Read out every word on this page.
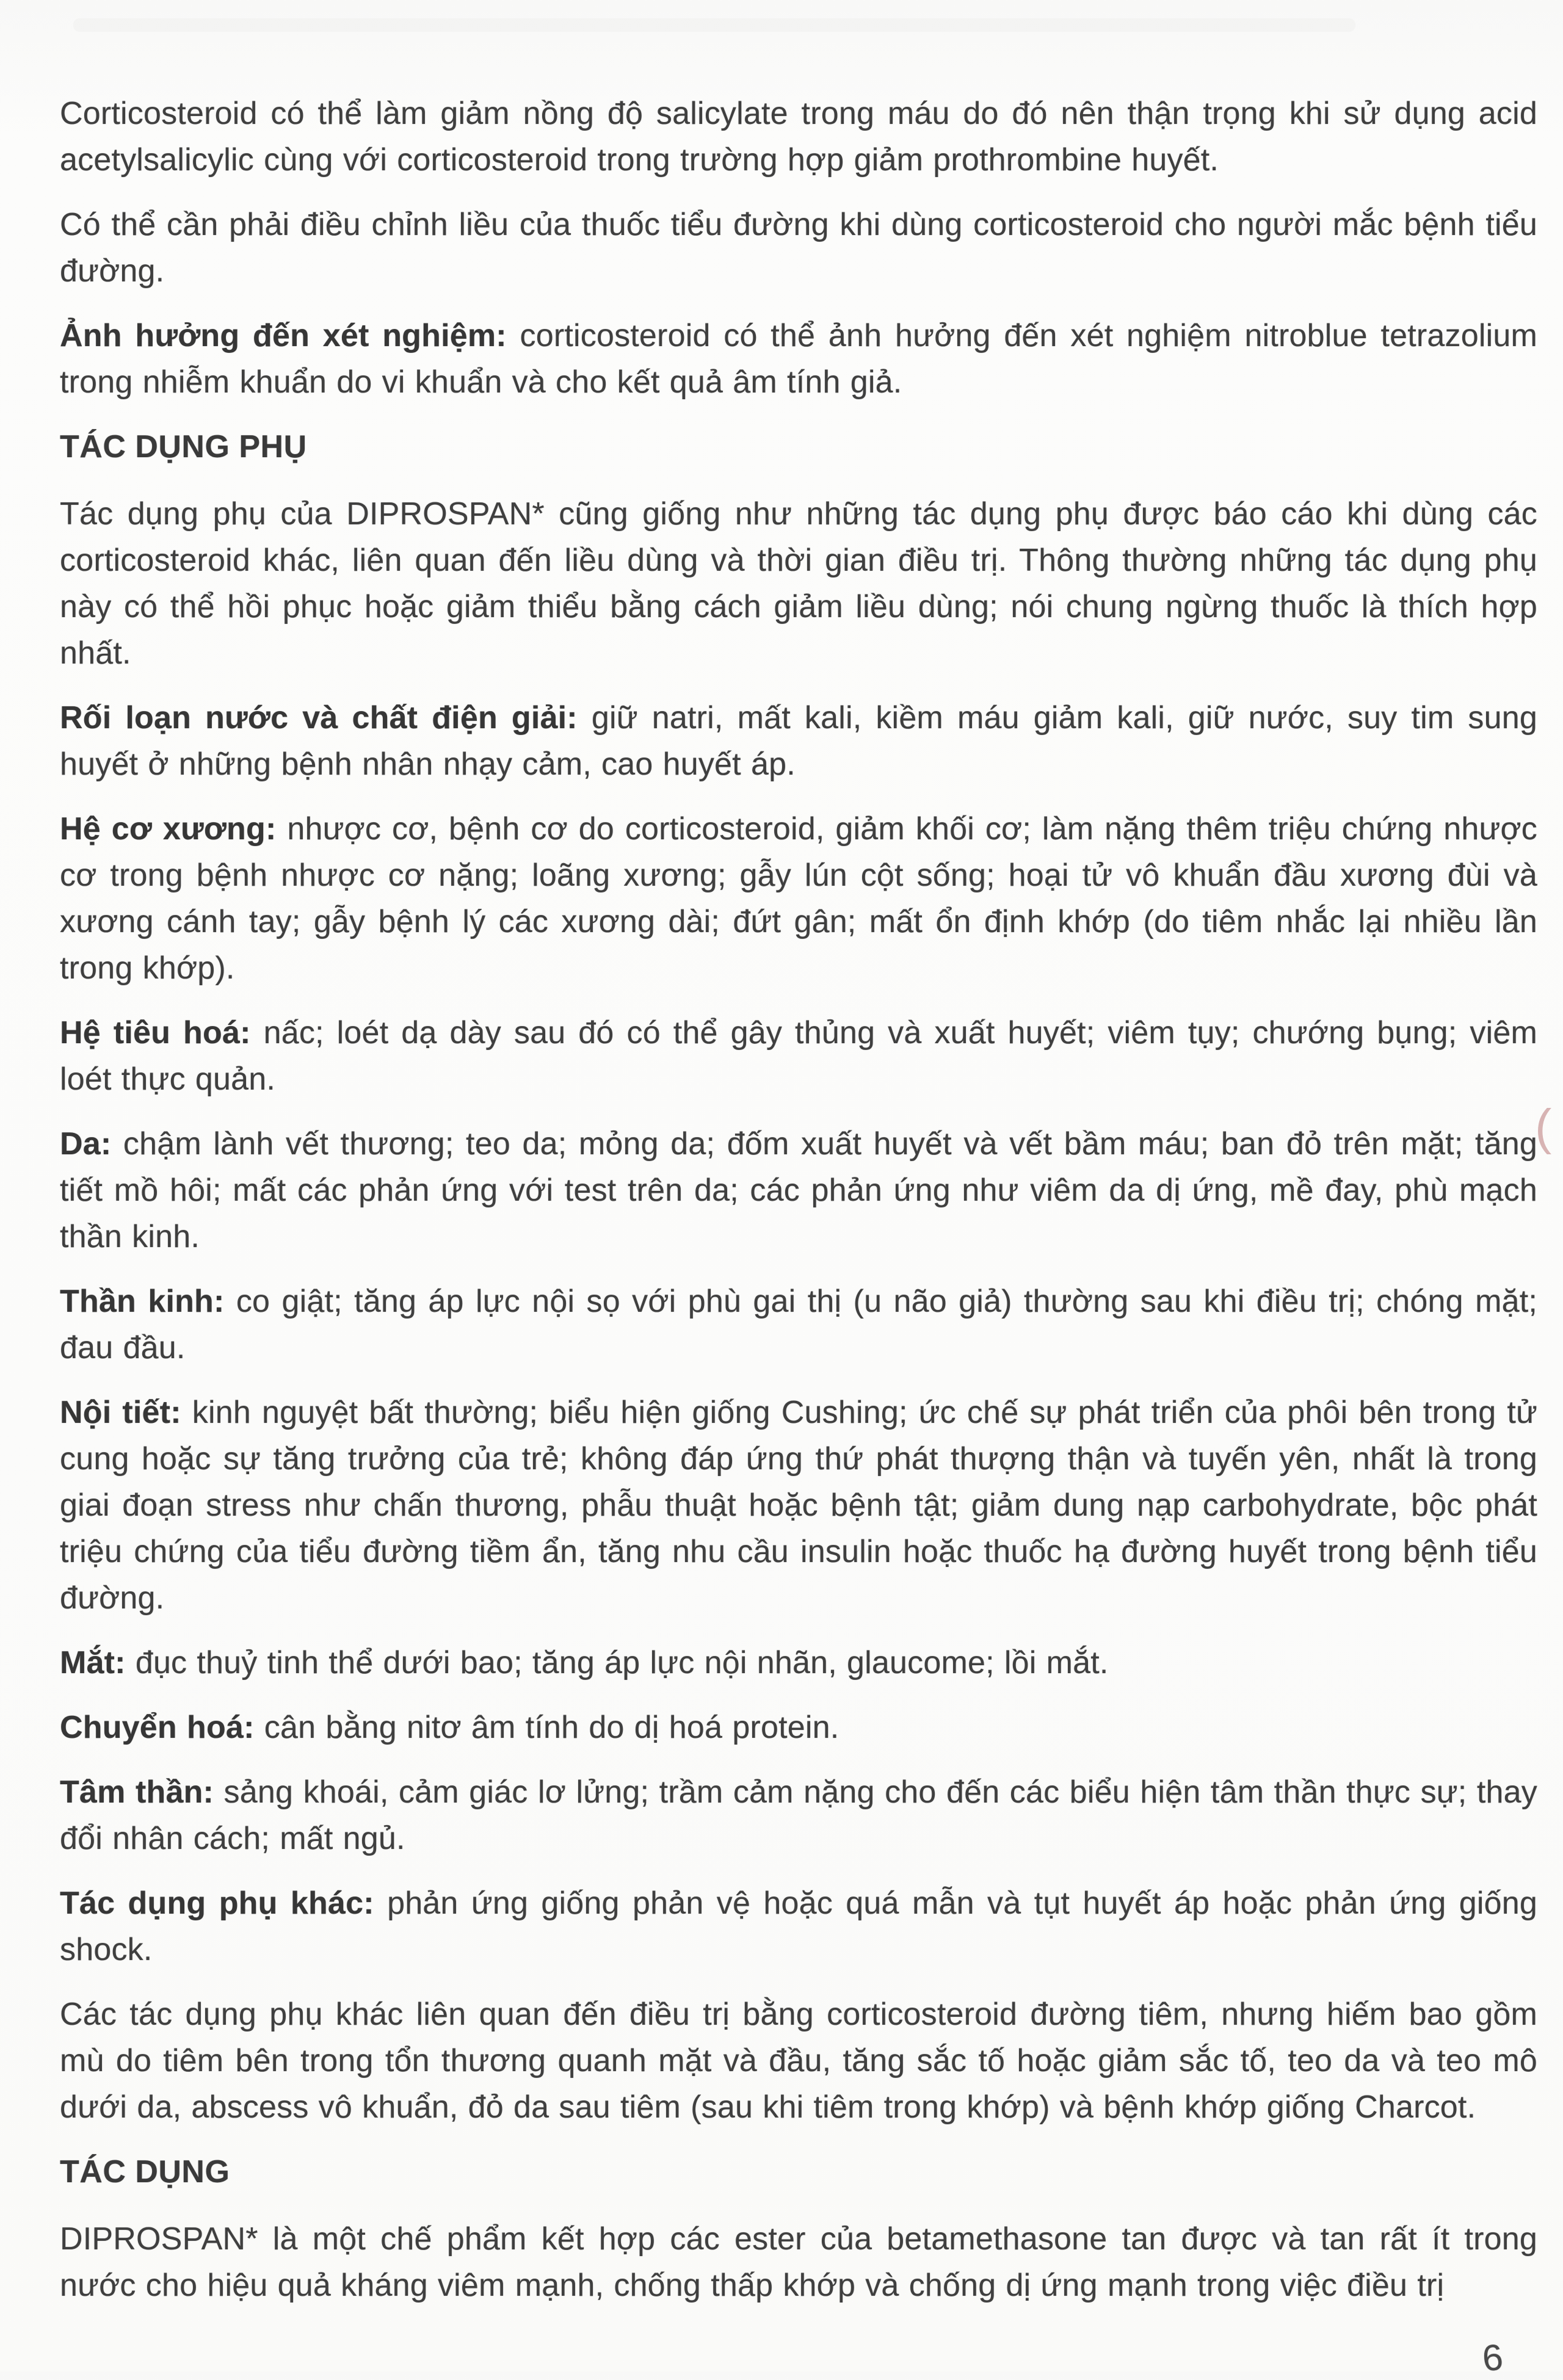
Corticosteroid có thể làm giảm nồng độ salicylate trong máu do đó nên thận trọng khi sử dụng acid acetylsalicylic cùng với corticosteroid trong trường hợp giảm prothrombine huyết.

Có thể cần phải điều chỉnh liều của thuốc tiểu đường khi dùng corticosteroid cho người mắc bệnh tiểu đường.

Ảnh hưởng đến xét nghiệm: corticosteroid có thể ảnh hưởng đến xét nghiệm nitroblue tetrazolium trong nhiễm khuẩn do vi khuẩn và cho kết quả âm tính giả.

TÁC DỤNG PHỤ

Tác dụng phụ của DIPROSPAN* cũng giống như những tác dụng phụ được báo cáo khi dùng các corticosteroid khác, liên quan đến liều dùng và thời gian điều trị. Thông thường những tác dụng phụ này có thể hồi phục hoặc giảm thiểu bằng cách giảm liều dùng; nói chung ngừng thuốc là thích hợp nhất.

Rối loạn nước và chất điện giải: giữ natri, mất kali, kiềm máu giảm kali, giữ nước, suy tim sung huyết ở những bệnh nhân nhạy cảm, cao huyết áp.

Hệ cơ xương: nhược cơ, bệnh cơ do corticosteroid, giảm khối cơ; làm nặng thêm triệu chứng nhược cơ trong bệnh nhược cơ nặng; loãng xương; gẫy lún cột sống; hoại tử vô khuẩn đầu xương đùi và xương cánh tay; gẫy bệnh lý các xương dài; đứt gân; mất ổn định khớp (do tiêm nhắc lại nhiều lần trong khớp).

Hệ tiêu hoá: nấc; loét dạ dày sau đó có thể gây thủng và xuất huyết; viêm tụy; chướng bụng; viêm loét thực quản.

Da: chậm lành vết thương; teo da; mỏng da; đốm xuất huyết và vết bầm máu; ban đỏ trên mặt; tăng tiết mồ hôi; mất các phản ứng với test trên da; các phản ứng như viêm da dị ứng, mề đay, phù mạch thần kinh.

Thần kinh: co giật; tăng áp lực nội sọ với phù gai thị (u não giả) thường sau khi điều trị; chóng mặt; đau đầu.

Nội tiết: kinh nguyệt bất thường; biểu hiện giống Cushing; ức chế sự phát triển của phôi bên trong tử cung hoặc sự tăng trưởng của trẻ; không đáp ứng thứ phát thượng thận và tuyến yên, nhất là trong giai đoạn stress như chấn thương, phẫu thuật hoặc bệnh tật; giảm dung nạp carbohydrate, bộc phát triệu chứng của tiểu đường tiềm ẩn, tăng nhu cầu insulin hoặc thuốc hạ đường huyết trong bệnh tiểu đường.

Mắt: đục thuỷ tinh thể dưới bao; tăng áp lực nội nhãn, glaucome; lồi mắt.

Chuyển hoá: cân bằng nitơ âm tính do dị hoá protein.

Tâm thần: sảng khoái, cảm giác lơ lửng; trầm cảm nặng cho đến các biểu hiện tâm thần thực sự; thay đổi nhân cách; mất ngủ.

Tác dụng phụ khác: phản ứng giống phản vệ hoặc quá mẫn và tụt huyết áp hoặc phản ứng giống shock.

Các tác dụng phụ khác liên quan đến điều trị bằng corticosteroid đường tiêm, nhưng hiếm bao gồm mù do tiêm bên trong tổn thương quanh mặt và đầu, tăng sắc tố hoặc giảm sắc tố, teo da và teo mô dưới da, abscess vô khuẩn, đỏ da sau tiêm (sau khi tiêm trong khớp) và bệnh khớp giống Charcot.

TÁC DỤNG

DIPROSPAN* là một chế phẩm kết hợp các ester của betamethasone tan được và tan rất ít trong nước cho hiệu quả kháng viêm mạnh, chống thấp khớp và chống dị ứng mạnh trong việc điều trị

(
6
